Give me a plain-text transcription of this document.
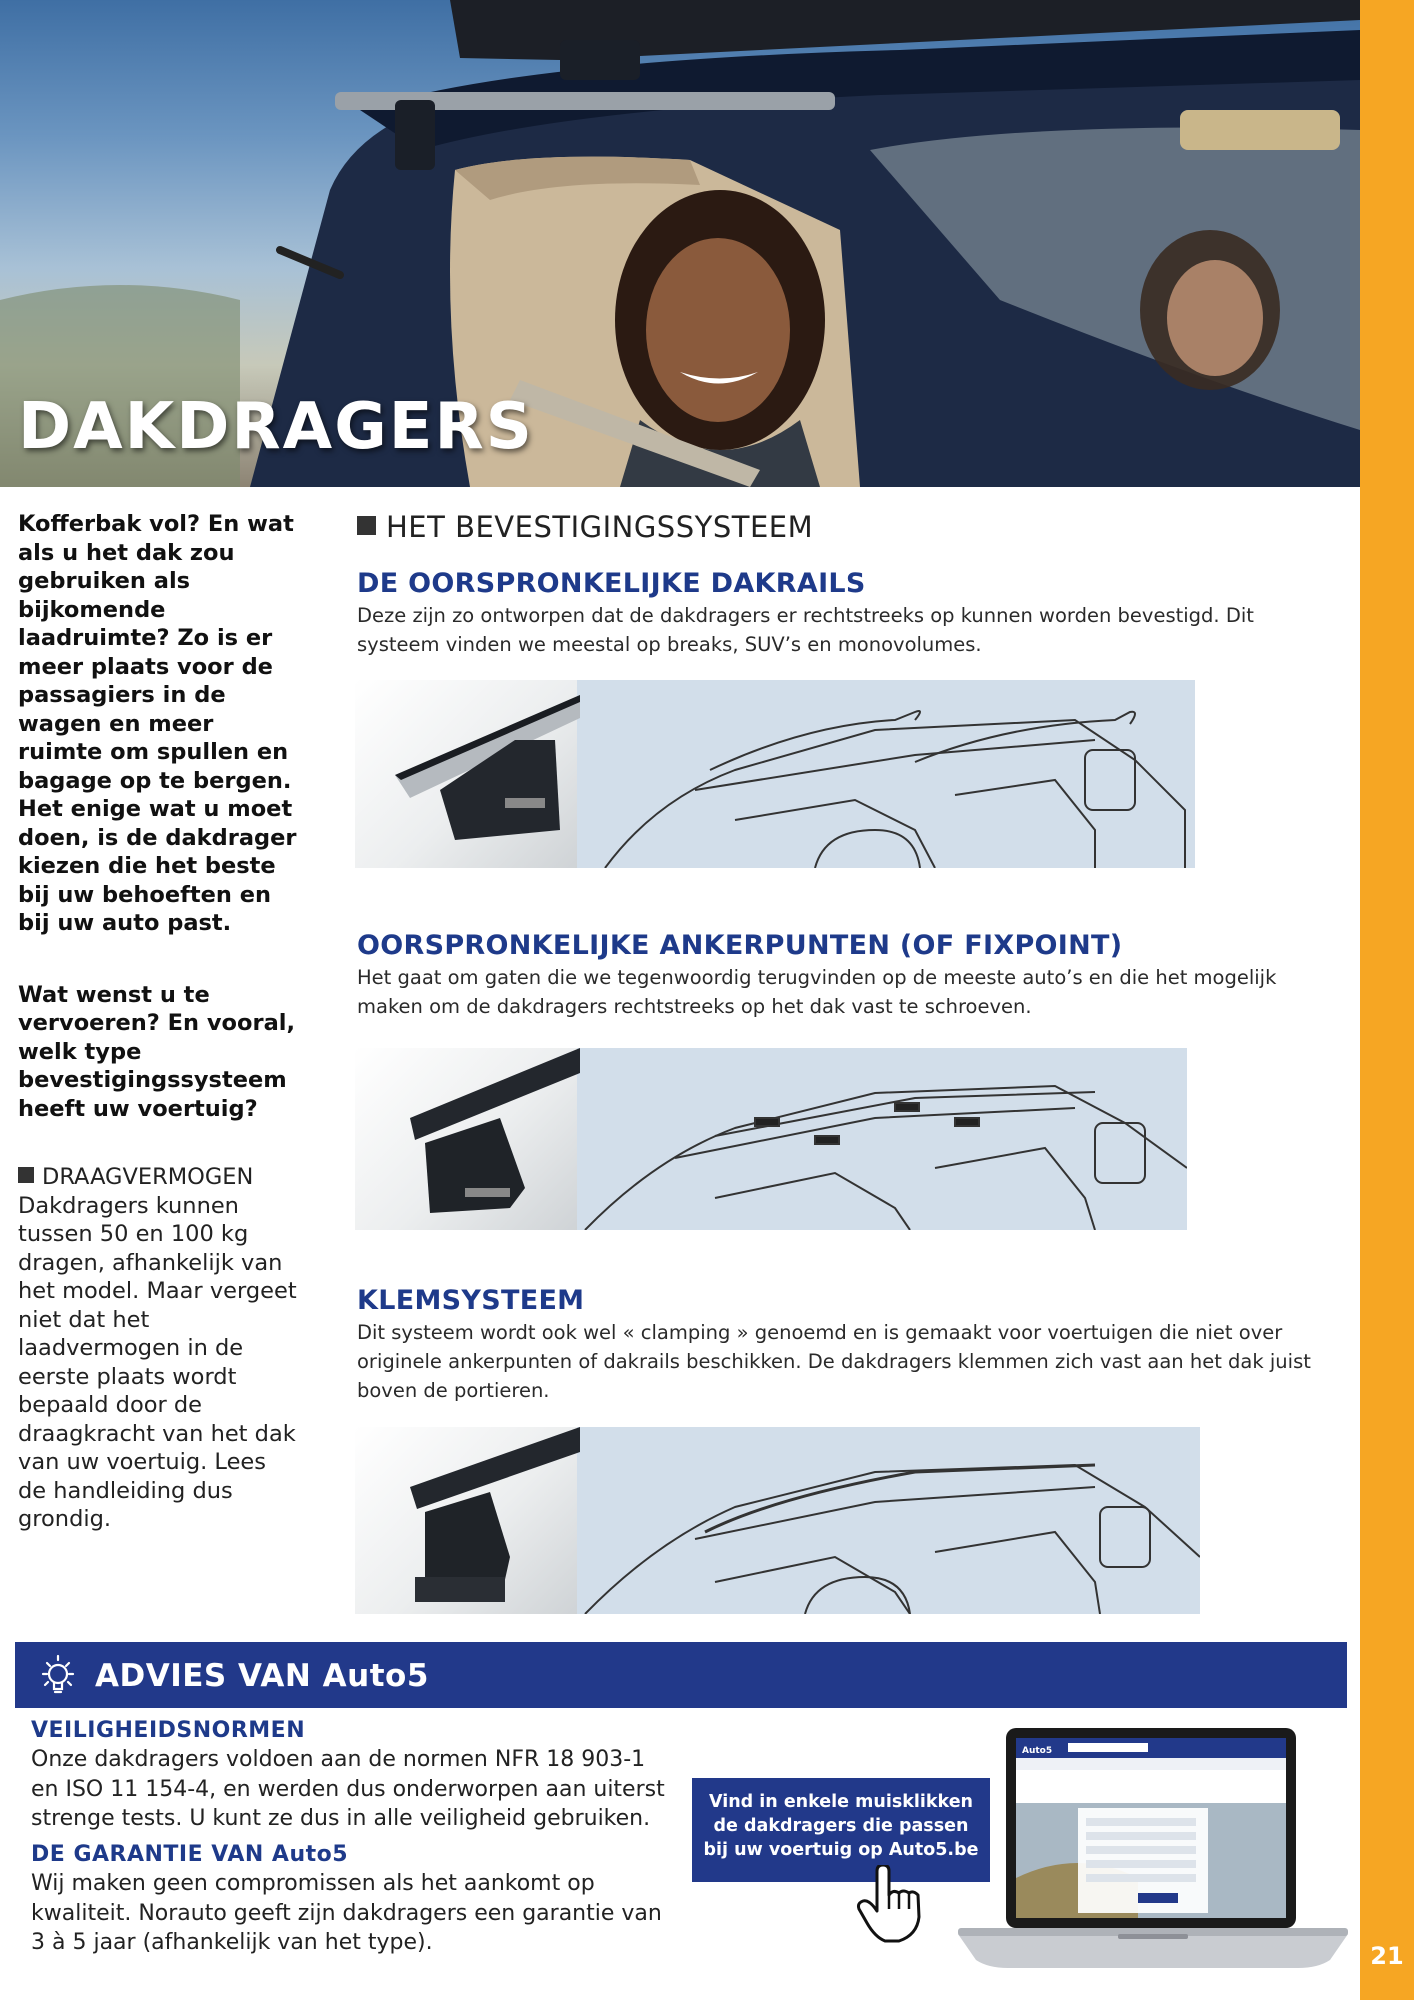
21
DAKDRAGERS

Kofferbak vol? En wat als u het dak zou gebruiken als bijkomende laadruimte? Zo is er meer plaats voor de passagiers in de wagen en meer ruimte om spullen en bagage op te bergen. Het enige wat u moet doen, is de dakdrager kiezen die het beste bij uw behoeften en bij uw auto past.

Wat wenst u te vervoeren? En vooral, welk type bevestigingssysteem heeft uw voertuig?

DRAAGVERMOGEN

Dakdragers kunnen tussen 50 en 100 kg dragen, afhankelijk van het model. Maar vergeet niet dat het laadvermogen in de eerste plaats wordt bepaald door de draagkracht van het dak van uw voertuig. Lees de handleiding dus grondig.

HET BEVESTIGINGSSYSTEEM
DE OORSPRONKELIJKE DAKRAILS

Deze zijn zo ontworpen dat de dakdragers er rechtstreeks op kunnen worden bevestigd. Dit systeem vinden we meestal op breaks, SUV’s en monovolumes.

OORSPRONKELIJKE ANKERPUNTEN (OF FIXPOINT)

Het gaat om gaten die we tegenwoordig terugvinden op de meeste auto’s en die het mogelijk maken om de dakdragers rechtstreeks op het dak vast te schroeven.

KLEMSYSTEEM

Dit systeem wordt ook wel « clamping » genoemd en is gemaakt voor voertuigen die niet over originele ankerpunten of dakrails beschikken. De dakdragers klemmen zich vast aan het dak juist boven de portieren.

ADVIES VAN Auto5
VEILIGHEIDSNORMEN

Onze dakdragers voldoen aan de normen NFR 18 903-1 en ISO 11 154-4, en werden dus onderworpen aan uiterst strenge tests. U kunt ze dus in alle veiligheid gebruiken.

DE GARANTIE VAN Auto5

Wij maken geen compromissen als het aankomt op kwaliteit. Norauto geeft zijn dakdragers een garantie van 3 à 5 jaar (afhankelijk van het type).

Vind in enkele muisklikken de dakdragers die passen bij uw voertuig op Auto5.be
Auto5
